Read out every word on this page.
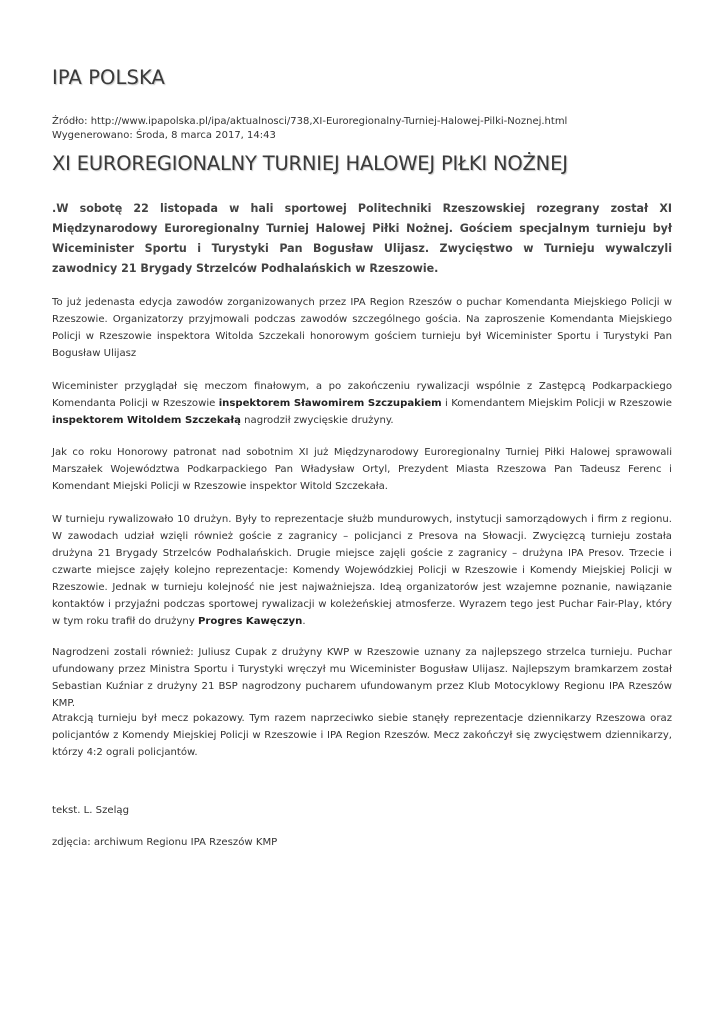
IPA POLSKA
Źródło: http://www.ipapolska.pl/ipa/aktualnosci/738,XI-Euroregionalny-Turniej-Halowej-Pilki-Noznej.html
Wygenerowano: Środa, 8 marca 2017, 14:43
XI EUROREGIONALNY TURNIEJ HALOWEJ PIŁKI NOŻNEJ

.W sobotę 22 listopada w hali sportowej Politechniki Rzeszowskiej rozegrany został XI Międzynarodowy Euroregionalny Turniej Halowej Piłki Nożnej. Gościem specjalnym turnieju był Wiceminister Sportu i Turystyki Pan Bogusław Ulijasz. Zwycięstwo w Turnieju wywalczyli zawodnicy 21 Brygady Strzelców Podhalańskich w Rzeszowie.

To już jedenasta edycja zawodów zorganizowanych przez IPA Region Rzeszów o puchar Komendanta Miejskiego Policji w Rzeszowie. Organizatorzy przyjmowali podczas zawodów szczególnego gościa. Na zaproszenie Komendanta Miejskiego Policji w Rzeszowie inspektora Witolda Szczekali honorowym gościem turnieju był Wiceminister Sportu i Turystyki Pan Bogusław Ulijasz

Wiceminister przyglądał się meczom finałowym, a po zakończeniu rywalizacji wspólnie z Zastępcą Podkarpackiego Komendanta Policji w Rzeszowie inspektorem Sławomirem Szczupakiem i Komendantem Miejskim Policji w Rzeszowie inspektorem Witoldem Szczekałą nagrodził zwycięskie drużyny.

Jak co roku Honorowy patronat nad sobotnim XI już Międzynarodowy Euroregionalny Turniej Piłki Halowej sprawowali Marszałek Województwa Podkarpackiego Pan Władysław Ortyl, Prezydent Miasta Rzeszowa Pan Tadeusz Ferenc i Komendant Miejski Policji w Rzeszowie inspektor Witold Szczekała.

W turnieju rywalizowało 10 drużyn. Były to reprezentacje służb mundurowych, instytucji samorządowych i firm z regionu. W zawodach udział wzięli również goście z zagranicy – policjanci z Presova na Słowacji. Zwycięzcą turnieju została drużyna 21 Brygady Strzelców Podhalańskich. Drugie miejsce zajęli goście z zagranicy – drużyna IPA Presov. Trzecie i czwarte miejsce zajęły kolejno reprezentacje: Komendy Wojewódzkiej Policji w Rzeszowie i Komendy Miejskiej Policji w Rzeszowie. Jednak w turnieju kolejność nie jest najważniejsza. Ideą organizatorów jest wzajemne poznanie, nawiązanie kontaktów i przyjaźni podczas sportowej rywalizacji w koleżeńskiej atmosferze. Wyrazem tego jest Puchar Fair-Play, który w tym roku trafił do drużyny Progres Kawęczyn.

Nagrodzeni zostali również: Juliusz Cupak z drużyny KWP w Rzeszowie uznany za najlepszego strzelca turnieju. Puchar ufundowany przez Ministra Sportu i Turystyki wręczył mu Wiceminister Bogusław Ulijasz. Najlepszym bramkarzem został Sebastian Kuźniar z drużyny 21 BSP nagrodzony pucharem ufundowanym przez Klub Motocyklowy Regionu IPA Rzeszów KMP.

Atrakcją turnieju był mecz pokazowy. Tym razem naprzeciwko siebie stanęły reprezentacje dziennikarzy Rzeszowa oraz policjantów z Komendy Miejskiej Policji w Rzeszowie i IPA Region Rzeszów. Mecz zakończył się zwycięstwem dziennikarzy, którzy 4:2 ograli policjantów.

tekst. L. Szeląg
zdjęcia: archiwum Regionu IPA Rzeszów KMP
